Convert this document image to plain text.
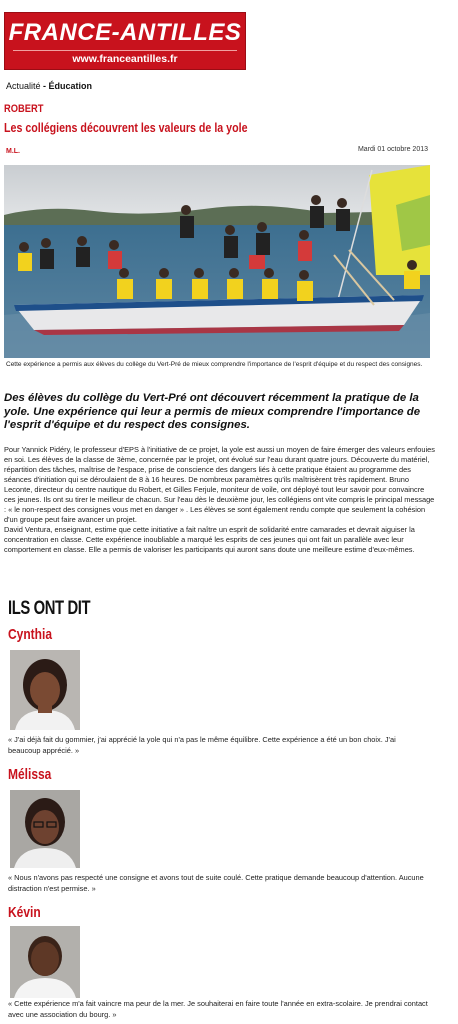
FRANCE-ANTILLES
www.franceantilles.fr
Actualité - Éducation
ROBERT
Les collégiens découvrent les valeurs de la yole
M.L.	Mardi 01 octobre 2013
Cette expérience a permis aux élèves du collège du Vert-Pré de mieux comprendre l'importance de l'esprit d'équipe et du respect des consignes.
Des élèves du collège du Vert-Pré ont découvert récemment la pratique de la yole. Une expérience qui leur a permis de mieux comprendre l'importance de l'esprit d'équipe et du respect des consignes.

Pour Yannick Pidéry, le professeur d'EPS à l'initiative de ce projet, la yole est aussi un moyen de faire émerger des valeurs enfouies en soi. Les élèves de la classe de 3ème, concernée par le projet, ont évolué sur l'eau durant quatre jours. Découverte du matériel, répartition des tâches, maîtrise de l'espace, prise de conscience des dangers liés à cette pratique étaient au programme des séances d'initiation qui se déroulaient de 8 à 16 heures. De nombreux paramètres qu'ils maîtrisèrent très rapidement. Bruno Leconte, directeur du centre nautique du Robert, et Gilles Ferjule, moniteur de voile, ont déployé tout leur savoir pour convaincre ces jeunes. Ils ont su tirer le meilleur de chacun. Sur l'eau dès le deuxième jour, les collégiens ont vite compris le principal message : « le non-respect des consignes vous met en danger » . Les élèves se sont également rendu compte que seulement la cohésion d'un groupe peut faire avancer un projet.

David Ventura, enseignant, estime que cette initiative a fait naître un esprit de solidarité entre camarades et devrait aiguiser la concentration en classe. Cette expérience inoubliable a marqué les esprits de ces jeunes qui ont fait un parallèle avec leur comportement en classe. Elle a permis de valoriser les participants qui auront sans doute une meilleure estime d'eux-mêmes.

ILS ONT DIT
Cynthia
« J'ai déjà fait du gommier, j'ai apprécié la yole qui n'a pas le même équilibre. Cette expérience a été un bon choix. J'ai beaucoup apprécié. »
Mélissa
« Nous n'avons pas respecté une consigne et avons tout de suite coulé. Cette pratique demande beaucoup d'attention. Aucune distraction n'est permise. »
Kévin
« Cette expérience m'a fait vaincre ma peur de la mer. Je souhaiterai en faire toute l'année en extra-scolaire. Je prendrai contact avec une association du bourg. »
